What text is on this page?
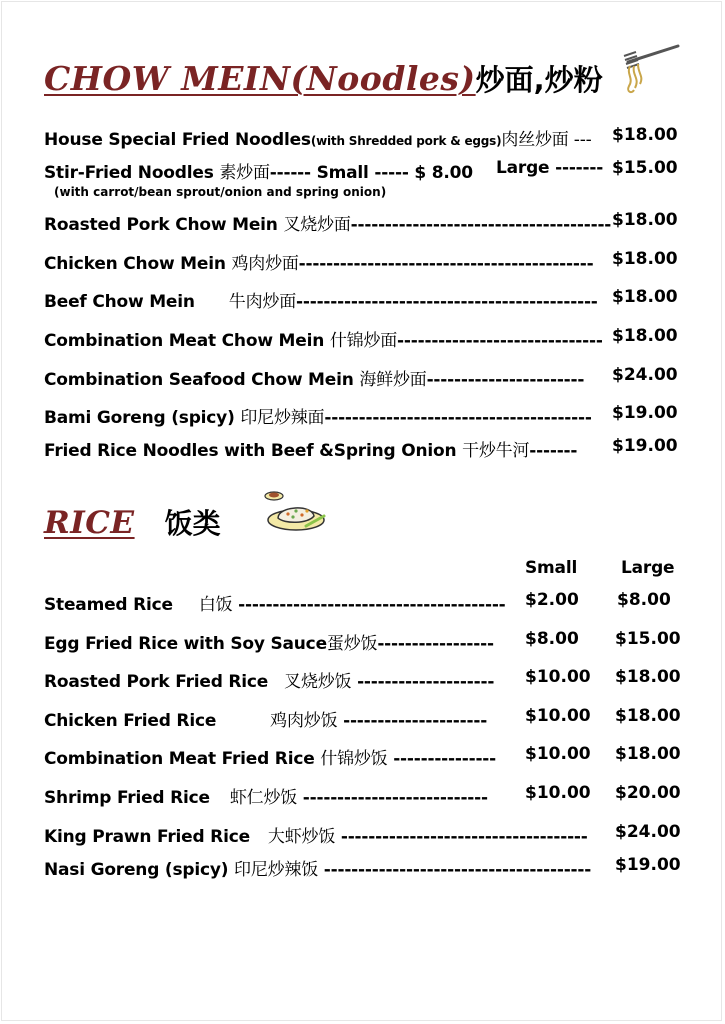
CHOW MEIN(Noodles)炒面,炒粉
House Special Fried Noodles(with Shredded pork & eggs)肉丝炒面 --- $18.00
Stir-Fried Noodles 素炒面------ Small ----- $ 8.00 Large ------- $15.00
(with carrot/bean sprout/onion and spring onion)
Roasted Pork Chow Mein 叉烧炒面-------------------------------------- $18.00
Chicken Chow Mein 鸡肉炒面------------------------------------------- $18.00
Beef Chow Mein 牛肉炒面-------------------------------------------- $18.00
Combination Meat Chow Mein 什锦炒面------------------------------ $18.00
Combination Seafood Chow Mein 海鲜炒面----------------------- $24.00
Bami Goreng (spicy) 印尼炒辣面--------------------------------------- $19.00
Fried Rice Noodles with Beef &Spring Onion 干炒牛河------- $19.00
RICE 饭类
Small	Large
Steamed Rice 白饭 --------------------------------------- $2.00 $8.00
Egg Fried Rice with Soy Sauce蛋炒饭----------------- $8.00 $15.00
Roasted Pork Fried Rice 叉烧炒饭 -------------------- $10.00 $18.00
Chicken Fried Rice	鸡肉炒饭 --------------------- $10.00 $18.00
Combination Meat Fried Rice 什锦炒饭 --------------- $10.00 $18.00
Shrimp Fried Rice 虾仁炒饭 --------------------------- $10.00 $20.00
King Prawn Fried Rice 大虾炒饭 ------------------------------------ $24.00
Nasi Goreng (spicy) 印尼炒辣饭 --------------------------------------- $19.00
